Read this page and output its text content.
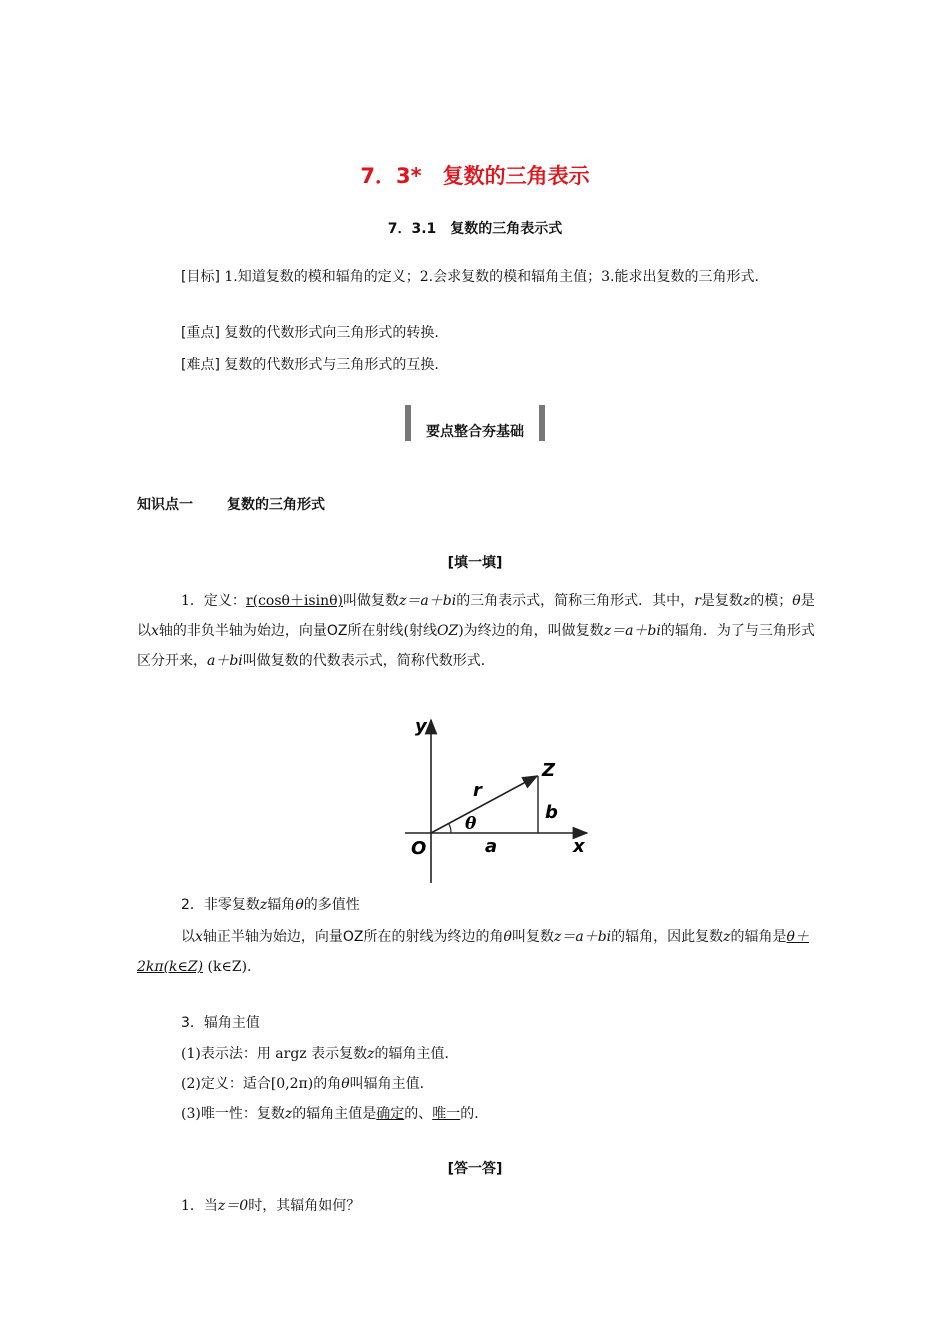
7．3*　复数的三角表示
7．3.1　复数的三角表示式
[目标] 1.知道复数的模和辐角的定义；2.会求复数的模和辐角主值；3.能求出复数的三角形式.
[重点] 复数的代数形式向三角形式的转换.
[难点] 复数的代数形式与三角形式的互换.
要点整合夯基础
知识点一 复数的三角形式
[填一填]
1．定义：r(cosθ＋isinθ)叫做复数z＝a＋bi的三角表示式，简称三角形式．其中，r是复数z的模；θ是以x轴的非负半轴为始边，向量OZ所在射线(射线OZ)为终边的角，叫做复数z＝a＋bi的辐角．为了与三角形式区分开来，a＋bi叫做复数的代数表示式，简称代数形式．
y
x
O
Z
r
b
a
θ
2．非零复数z辐角θ的多值性
以x轴正半轴为始边，向量OZ所在的射线为终边的角θ叫复数z＝a＋bi的辐角，因此复数z的辐角是θ＋2kπ(k∈Z) (k∈Z).
3．辐角主值
(1)表示法：用 argz 表示复数z的辐角主值．
(2)定义：适合[0,2π)的角θ叫辐角主值．
(3)唯一性：复数z的辐角主值是确定的、唯一的．
[答一答]
1．当z＝0时，其辐角如何？
